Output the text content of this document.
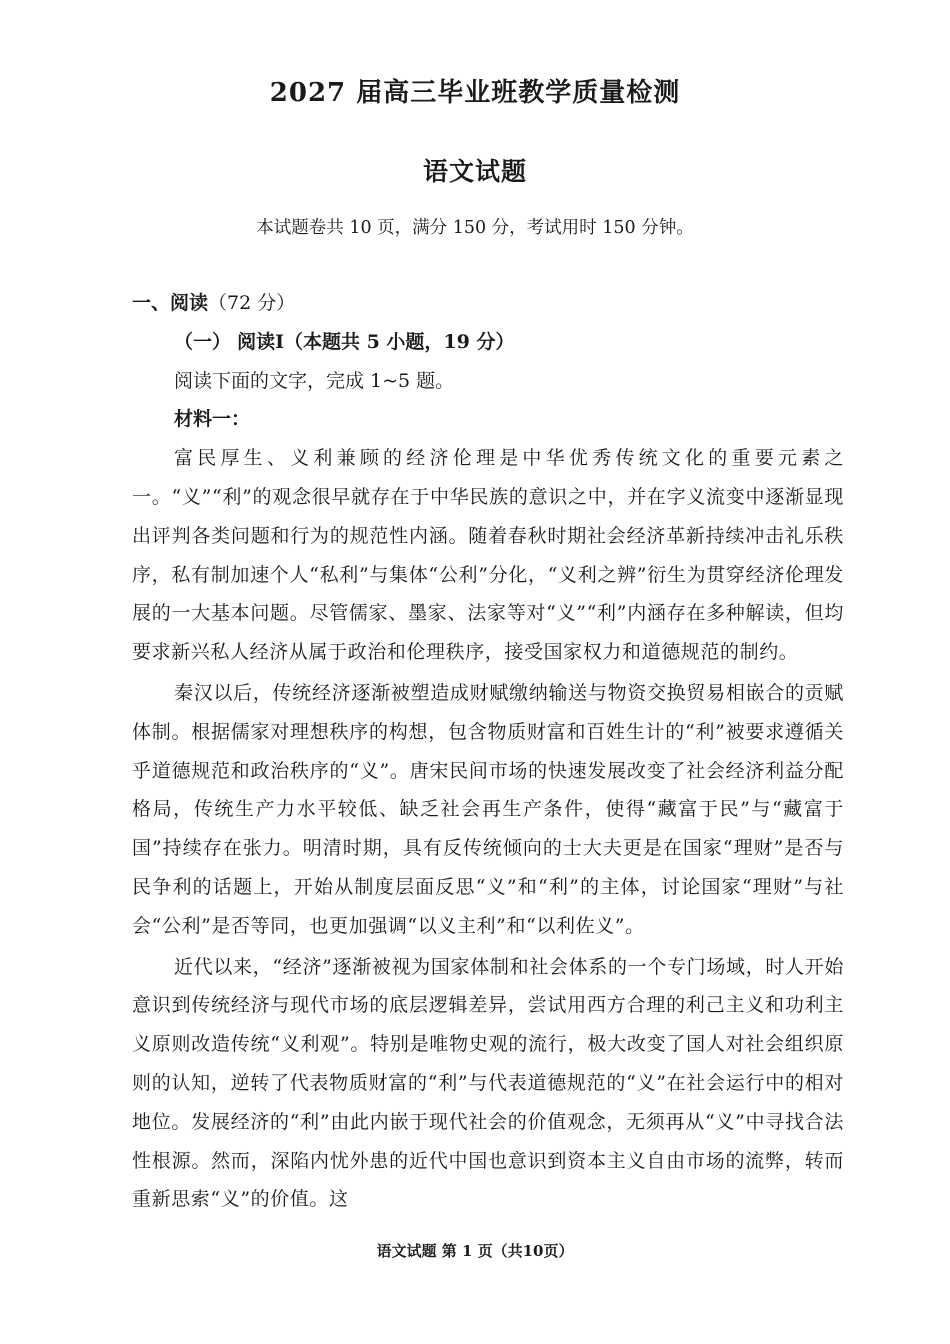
2027 届高三毕业班教学质量检测
语文试题
本试题卷共 10 页，满分 150 分，考试用时 150 分钟。

一、阅读（72 分）

（一） 阅读Ⅰ（本题共 5 小题，19 分）

阅读下面的文字，完成 1~5 题。

材料一：

富民厚生、义利兼顾的经济伦理是中华优秀传统文化的重要元素之一。“义”“利”的观念很早就存在于中华民族的意识之中，并在字义流变中逐渐显现出评判各类问题和行为的规范性内涵。随着春秋时期社会经济革新持续冲击礼乐秩序，私有制加速个人“私利”与集体“公利”分化，“义利之辨”衍生为贯穿经济伦理发展的一大基本问题。尽管儒家、墨家、法家等对“义”“利”内涵存在多种解读，但均要求新兴私人经济从属于政治和伦理秩序，接受国家权力和道德规范的制约。

秦汉以后，传统经济逐渐被塑造成财赋缴纳输送与物资交换贸易相嵌合的贡赋体制。根据儒家对理想秩序的构想，包含物质财富和百姓生计的“利”被要求遵循关乎道德规范和政治秩序的“义”。唐宋民间市场的快速发展改变了社会经济利益分配格局，传统生产力水平较低、缺乏社会再生产条件，使得“藏富于民”与“藏富于国”持续存在张力。明清时期，具有反传统倾向的士大夫更是在国家“理财”是否与民争利的话题上，开始从制度层面反思“义”和“利”的主体，讨论国家“理财”与社会“公利”是否等同，也更加强调“以义主利”和“以利佐义”。

近代以来，“经济”逐渐被视为国家体制和社会体系的一个专门场域，时人开始意识到传统经济与现代市场的底层逻辑差异，尝试用西方合理的利己主义和功利主义原则改造传统“义利观”。特别是唯物史观的流行，极大改变了国人对社会组织原则的认知，逆转了代表物质财富的“利”与代表道德规范的“义”在社会运行中的相对地位。发展经济的“利”由此内嵌于现代社会的价值观念，无须再从“义”中寻找合法性根源。然而，深陷内忧外患的近代中国也意识到资本主义自由市场的流弊，转而重新思索“义”的价值。这

语文试题 第 1 页（共10页）
